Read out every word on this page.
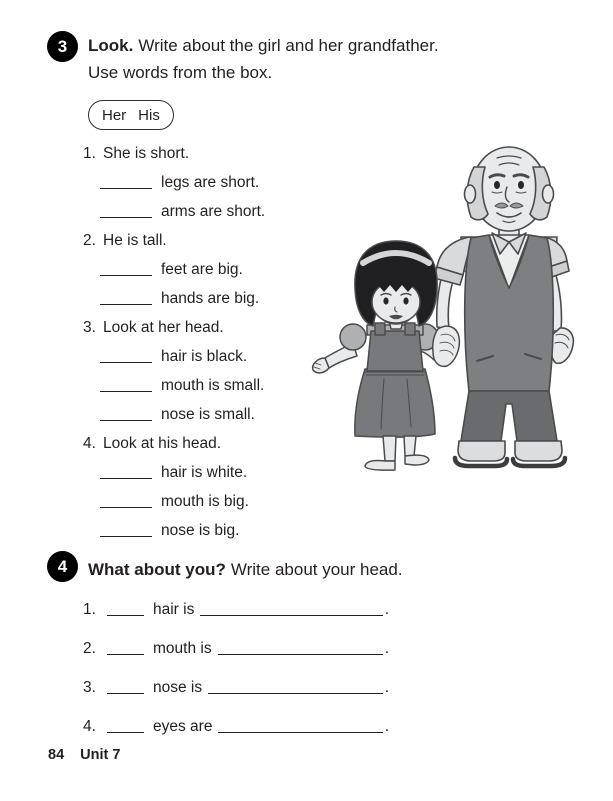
3	Look. Write about the girl and her grandfather.
Use words from the box.
Her His
1. She is short.
legs are short.
arms are short.
2. He is tall.
feet are big.
hands are big.
3. Look at her head.
hair is black.
mouth is small.
nose is small.
4. Look at his head.
hair is white.
mouth is big.
nose is big.
4	What about you? Write about your head.
1.	hair is	.
2.	mouth is	.
3.	nose is	.
4.	eyes are	.
84 Unit 7
